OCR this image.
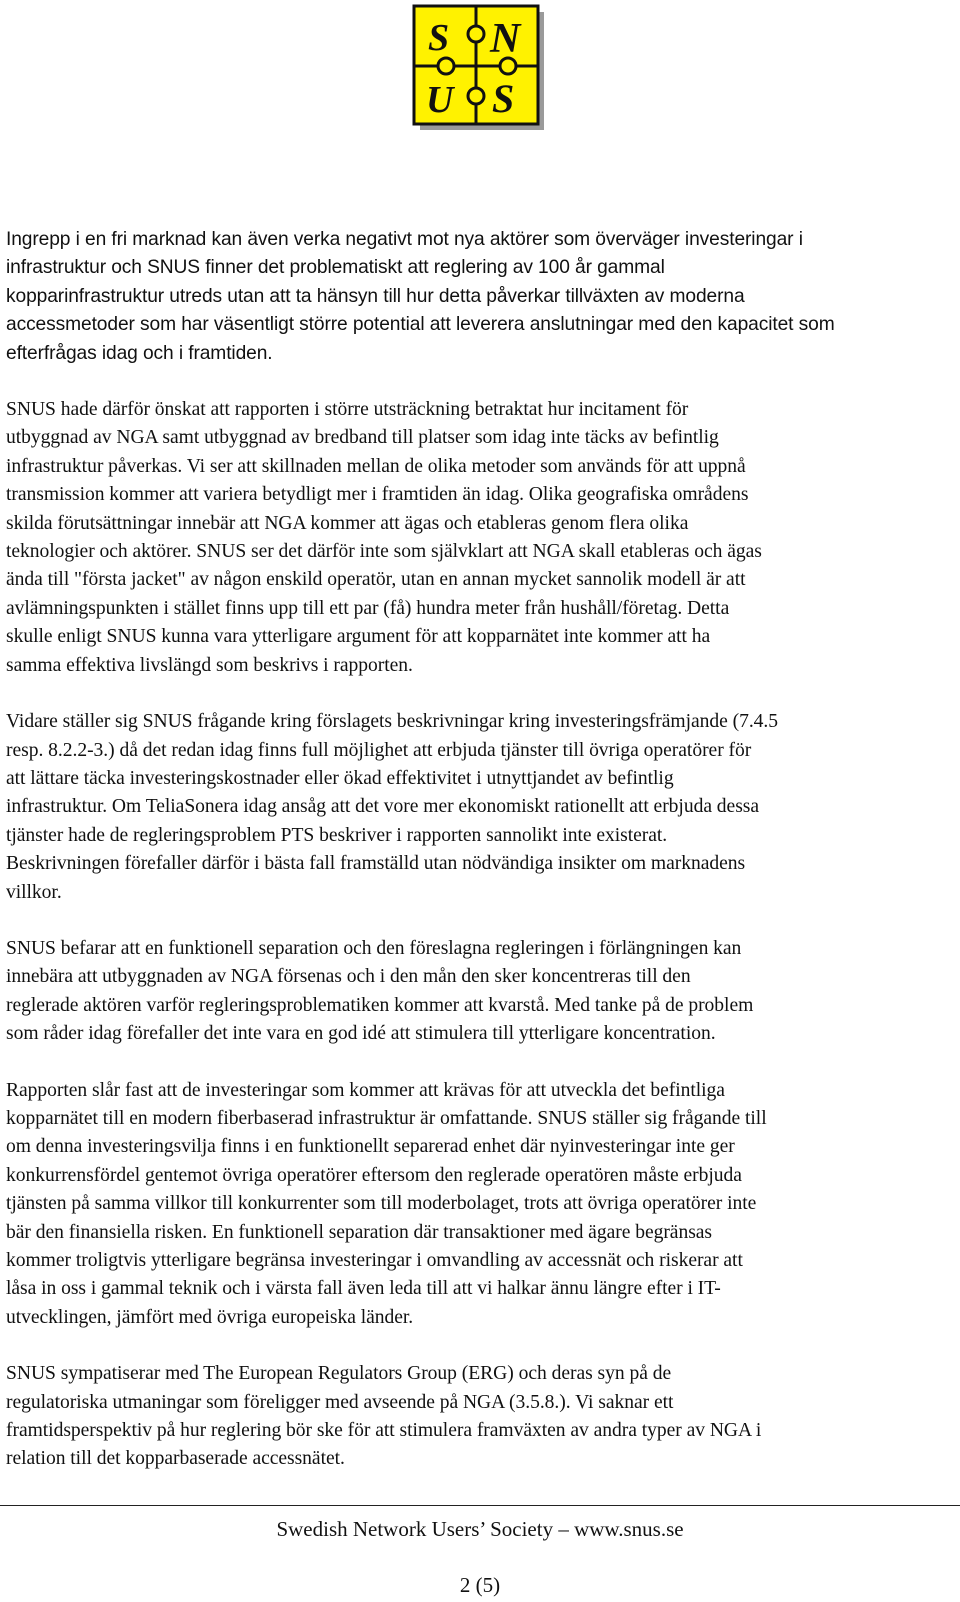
S N
U S

Ingrepp i en fri marknad kan även verka negativt mot nya aktörer som överväger investeringar i
infrastruktur och SNUS finner det problematiskt att reglering av 100 år gammal
kopparinfrastruktur utreds utan att ta hänsyn till hur detta påverkar tillväxten av moderna
accessmetoder som har väsentligt större potential att leverera anslutningar med den kapacitet som
efterfrågas idag och i framtiden.

SNUS hade därför önskat att rapporten i större utsträckning betraktat hur incitament för
utbyggnad av NGA samt utbyggnad av bredband till platser som idag inte täcks av befintlig
infrastruktur påverkas. Vi ser att skillnaden mellan de olika metoder som används för att uppnå
transmission kommer att variera betydligt mer i framtiden än idag. Olika geografiska områdens
skilda förutsättningar innebär att NGA kommer att ägas och etableras genom flera olika
teknologier och aktörer. SNUS ser det därför inte som självklart att NGA skall etableras och ägas
ända till "första jacket" av någon enskild operatör, utan en annan mycket sannolik modell är att
avlämningspunkten i stället finns upp till ett par (få) hundra meter från hushåll/företag. Detta
skulle enligt SNUS kunna vara ytterligare argument för att kopparnätet inte kommer att ha
samma effektiva livslängd som beskrivs i rapporten.

Vidare ställer sig SNUS frågande kring förslagets beskrivningar kring investeringsfrämjande (7.4.5
resp. 8.2.2-3.) då det redan idag finns full möjlighet att erbjuda tjänster till övriga operatörer för
att lättare täcka investeringskostnader eller ökad effektivitet i utnyttjandet av befintlig
infrastruktur. Om TeliaSonera idag ansåg att det vore mer ekonomiskt rationellt att erbjuda dessa
tjänster hade de regleringsproblem PTS beskriver i rapporten sannolikt inte existerat.
Beskrivningen förefaller därför i bästa fall framställd utan nödvändiga insikter om marknadens
villkor.

SNUS befarar att en funktionell separation och den föreslagna regleringen i förlängningen kan
innebära att utbyggnaden av NGA försenas och i den mån den sker koncentreras till den
reglerade aktören varför regleringsproblematiken kommer att kvarstå. Med tanke på de problem
som råder idag förefaller det inte vara en god idé att stimulera till ytterligare koncentration.

Rapporten slår fast att de investeringar som kommer att krävas för att utveckla det befintliga
kopparnätet till en modern fiberbaserad infrastruktur är omfattande. SNUS ställer sig frågande till
om denna investeringsvilja finns i en funktionellt separerad enhet där nyinvesteringar inte ger
konkurrensfördel gentemot övriga operatörer eftersom den reglerade operatören måste erbjuda
tjänsten på samma villkor till konkurrenter som till moderbolaget, trots att övriga operatörer inte
bär den finansiella risken. En funktionell separation där transaktioner med ägare begränsas
kommer troligtvis ytterligare begränsa investeringar i omvandling av accessnät och riskerar att
låsa in oss i gammal teknik och i värsta fall även leda till att vi halkar ännu längre efter i IT-
utvecklingen, jämfört med övriga europeiska länder.

SNUS sympatiserar med The European Regulators Group (ERG) och deras syn på de
regulatoriska utmaningar som föreligger med avseende på NGA (3.5.8.). Vi saknar ett
framtidsperspektiv på hur reglering bör ske för att stimulera framväxten av andra typer av NGA i
relation till det kopparbaserade accessnätet.

Swedish Network Users’ Society – www.snus.se
2 (5)
